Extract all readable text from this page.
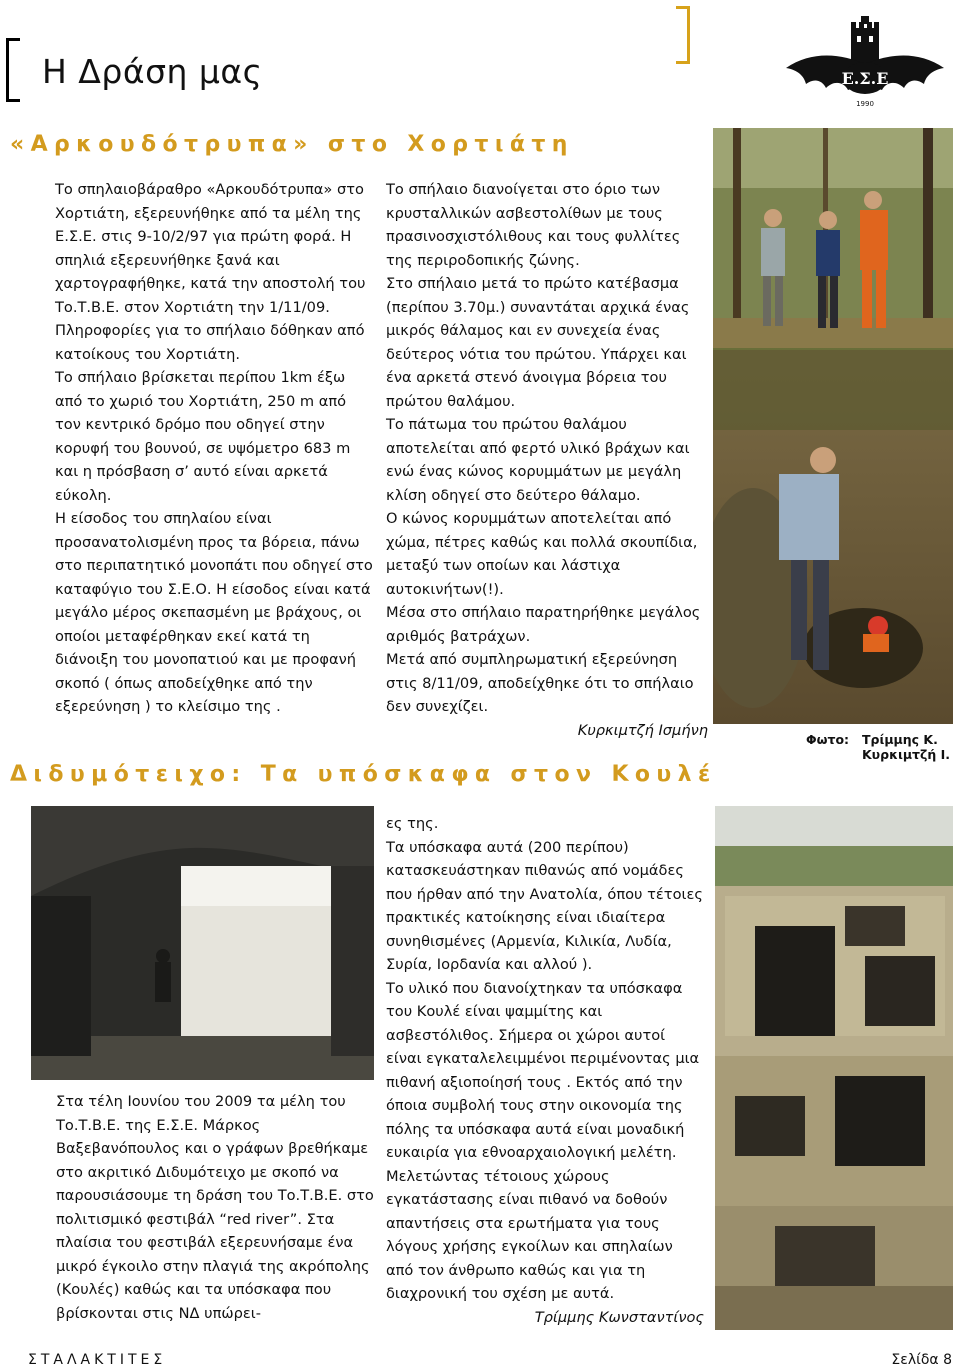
Η Δράση μας	Ε.Σ.Ε
1990
«Αρκουδότρυπα» στο Χορτιάτη

Το σπηλαιοβάραθρο «Αρκουδότρυπα» στο Χορτιάτη, εξερευνήθηκε από τα μέλη της Ε.Σ.Ε. στις 9-10/2/97 για πρώτη φορά. Η σπηλιά εξερευνήθηκε ξανά και χαρτογραφήθηκε, κατά την αποστολή του Το.Τ.Β.Ε. στον Χορτιάτη την 1/11/09.

Πληροφορίες για το σπήλαιο δόθηκαν από κατοίκους του Χορτιάτη.

Το σπήλαιο βρίσκεται περίπου 1km έξω από το χωριό του Χορτιάτη, 250 m από τον κεντρικό δρόμο που οδηγεί στην κορυφή του βουνού, σε υψόμετρο 683 m και η πρόσβαση σ’ αυτό είναι αρκετά εύκολη.

Η είσοδος του σπηλαίου είναι προσανατολισμένη προς τα βόρεια, πάνω στο περιπατητικό μονοπάτι που οδηγεί στο καταφύγιο του Σ.Ε.Ο. Η είσοδος είναι κατά μεγάλο μέρος σκεπασμένη με βράχους, οι οποίοι μεταφέρθηκαν εκεί κατά τη διάνοιξη του μονοπατιού και με προφανή σκοπό ( όπως αποδείχθηκε από την εξερεύνηση ) το κλείσιμο της .

Το σπήλαιο διανοίγεται στο όριο των κρυσταλλικών ασβεστολίθων με τους πρασινοσχιστόλιθους και τους φυλλίτες της περιροδοπικής ζώνης.

Στο σπήλαιο μετά το πρώτο κατέβασμα (περίπου 3.70μ.) συναντάται αρχικά ένας μικρός θάλαμος και εν συνεχεία ένας δεύτερος νότια του πρώτου. Υπάρχει και ένα αρκετά στενό άνοιγμα βόρεια του πρώτου θαλάμου.

Το πάτωμα του πρώτου θαλάμου αποτελείται από φερτό υλικό βράχων και ενώ ένας κώνος κορυμμάτων με μεγάλη κλίση οδηγεί στο δεύτερο θάλαμο.

Ο κώνος κορυμμάτων αποτελείται από χώμα, πέτρες καθώς και πολλά σκουπίδια, μεταξύ των οποίων και λάστιχα αυτοκινήτων(!).

Μέσα στο σπήλαιο παρατηρήθηκε μεγάλος αριθμός βατράχων.

Μετά από συμπληρωματική εξερεύνηση στις 8/11/09, αποδείχθηκε ότι το σπήλαιο δεν συνεχίζει.

Κυρκιμτζή Ισμήνη

Φωτο: Τρίμμης Κ.
Κυρκιμτζή Ι.
Διδυμότειχο: Τα υπόσκαφα στον Κουλέ

Στα τέλη Ιουνίου του 2009 τα μέλη του Το.Τ.Β.Ε. της Ε.Σ.Ε. Μάρκος Βαξεβανόπουλος και ο γράφων βρεθήκαμε στο ακριτικό Διδυμότειχο με σκοπό να παρουσιάσουμε τη δράση του Το.Τ.Β.Ε. στο πολιτισμικό φεστιβάλ “red river”. Στα πλαίσια του φεστιβάλ εξερευνήσαμε ένα μικρό έγκοιλο στην πλαγιά της ακρόπολης (Κουλές) καθώς και τα υπόσκαφα που βρίσκονται στις ΝΔ υπώρει-

ες της.

Τα υπόσκαφα αυτά (200 περίπου) κατασκευάστηκαν πιθανώς από νομάδες που ήρθαν από την Ανατολία, όπου τέτοιες πρακτικές κατοίκησης είναι ιδιαίτερα συνηθισμένες (Αρμενία, Κιλικία, Λυδία, Συρία, Ιορδανία και αλλού ).

Το υλικό που διανοίχτηκαν τα υπόσκαφα του Κουλέ είναι ψαμμίτης και ασβεστόλιθος. Σήμερα οι χώροι αυτοί είναι εγκαταλελειμμένοι περιμένοντας μια πιθανή αξιοποίησή τους . Εκτός από την όποια συμβολή τους στην οικονομία της πόλης τα υπόσκαφα αυτά είναι μοναδική ευκαιρία για εθνοαρχαιολογική μελέτη. Μελετώντας τέτοιους χώρους εγκατάστασης είναι πιθανό να δοθούν απαντήσεις στα ερωτήματα για τους λόγους χρήσης εγκοίλων και σπηλαίων από τον άνθρωπο καθώς και για τη διαχρονική του σχέση με αυτά.

Τρίμμης Κωνσταντίνος

ΣΤΑΛΑΚΤΙΤΕΣ	Σελίδα 8
